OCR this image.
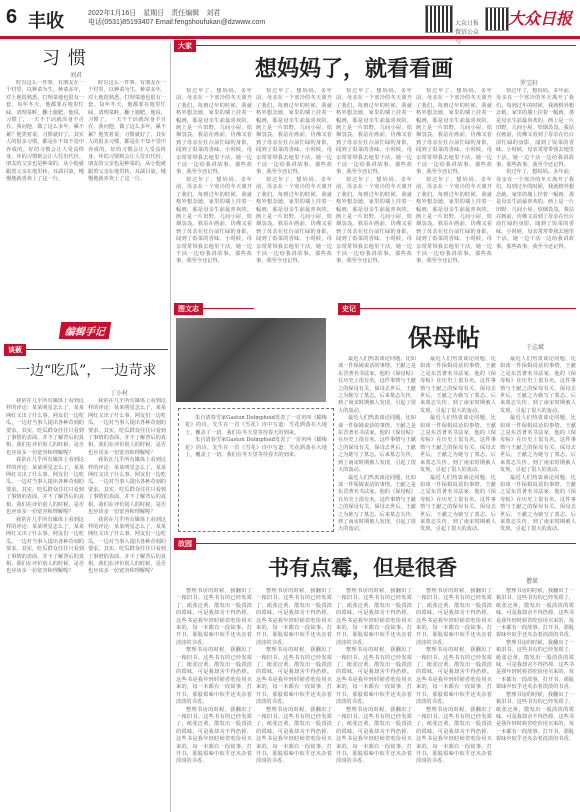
6 丰收	2022年1月16日　星期日　责任编辑　刘君
电话(0531)85193407 Email:fengshoufukan@dzwww.com	大众日报微信公众号
大众日报
习惯
刘君

时有这么一件事。有朋友在一个村里，以种菜为生。种菜多年，对土地很熟悉，打理菜地也很有一套。每年冬天，他都要在地里忙碌，清理菜畦，翻土施肥。他说，习惯了，一天不干活就浑身不自在。我问他，做了这么多年，累不累？他笑着说，习惯就好了。其实人的很多习惯，都是在不知不觉中养成的。好的习惯会让人受益终身，坏的习惯则会让人付出代价。朋友的父亲也是种菜的，从小他就跟着父亲在地里转，耳濡目染，慢慢地就喜欢上了这一行。

时有这么一件事。有朋友在一个村里，以种菜为生。种菜多年，对土地很熟悉，打理菜地也很有一套。每年冬天，他都要在地里忙碌，清理菜畦，翻土施肥。他说，习惯了，一天不干活就浑身不自在。我问他，做了这么多年，累不累？他笑着说，习惯就好了。其实人的很多习惯，都是在不知不觉中养成的。好的习惯会让人受益终身，坏的习惯则会让人付出代价。朋友的父亲也是种菜的，从小他就跟着父亲在地里转，耳濡目染，慢慢地就喜欢上了这一行。

编辑手记
谈薮
一边“吃瓜”，一边苛求
丁小村

我常在几乎所有媒体上看到这样的评论：某某明星怎么了，某某网红又出了什么事。网友们一边吃瓜，一边对当事人提出各种苛刻的要求。其实，吃瓜群众往往只看到了事情的表面，并不了解背后的真相。我们在评价别人的时候，是否也应该多一份宽容和理解呢？

我常在几乎所有媒体上看到这样的评论：某某明星怎么了，某某网红又出了什么事。网友们一边吃瓜，一边对当事人提出各种苛刻的要求。其实，吃瓜群众往往只看到了事情的表面，并不了解背后的真相。我们在评价别人的时候，是否也应该多一份宽容和理解呢？

我常在几乎所有媒体上看到这样的评论：某某明星怎么了，某某网红又出了什么事。网友们一边吃瓜，一边对当事人提出各种苛刻的要求。其实，吃瓜群众往往只看到了事情的表面，并不了解背后的真相。我们在评价别人的时候，是否也应该多一份宽容和理解呢？

我常在几乎所有媒体上看到这样的评论：某某明星怎么了，某某网红又出了什么事。网友们一边吃瓜，一边对当事人提出各种苛刻的要求。其实，吃瓜群众往往只看到了事情的表面，并不了解背后的真相。我们在评价别人的时候，是否也应该多一份宽容和理解呢？

我常在几乎所有媒体上看到这样的评论：某某明星怎么了，某某网红又出了什么事。网友们一边吃瓜，一边对当事人提出各种苛刻的要求。其实，吃瓜群众往往只看到了事情的表面，并不了解背后的真相。我们在评价别人的时候，是否也应该多一份宽容和理解呢？

我常在几乎所有媒体上看到这样的评论：某某明星怎么了，某某网红又出了什么事。网友们一边吃瓜，一边对当事人提出各种苛刻的要求。其实，吃瓜群众往往只看到了事情的表面，并不了解背后的真相。我们在评价别人的时候，是否也应该多一份宽容和理解呢？

大家
想妈妈了，就看看画
罗宝轩

快过年了，想妈妈。多年前，母亲在一个寒冷的冬天离开了我们。每到过年的时候，我就格外想念她。家里的墙上挂着一幅画，那是母亲生前最喜欢的。画上是一片田野，几间小屋，炊烟袅袅。我站在画前，仿佛又看到了母亲在灶台前忙碌的身影，闻到了饭菜的香味。小时候，母亲常常带我去地里干活，她一边干活一边给我讲故事。那些故事，我至今还记得。

快过年了，想妈妈。多年前，母亲在一个寒冷的冬天离开了我们。每到过年的时候，我就格外想念她。家里的墙上挂着一幅画，那是母亲生前最喜欢的。画上是一片田野，几间小屋，炊烟袅袅。我站在画前，仿佛又看到了母亲在灶台前忙碌的身影，闻到了饭菜的香味。小时候，母亲常常带我去地里干活，她一边干活一边给我讲故事。那些故事，我至今还记得。

快过年了，想妈妈。多年前，母亲在一个寒冷的冬天离开了我们。每到过年的时候，我就格外想念她。家里的墙上挂着一幅画，那是母亲生前最喜欢的。画上是一片田野，几间小屋，炊烟袅袅。我站在画前，仿佛又看到了母亲在灶台前忙碌的身影，闻到了饭菜的香味。小时候，母亲常常带我去地里干活，她一边干活一边给我讲故事。那些故事，我至今还记得。

快过年了，想妈妈。多年前，母亲在一个寒冷的冬天离开了我们。每到过年的时候，我就格外想念她。家里的墙上挂着一幅画，那是母亲生前最喜欢的。画上是一片田野，几间小屋，炊烟袅袅。我站在画前，仿佛又看到了母亲在灶台前忙碌的身影，闻到了饭菜的香味。小时候，母亲常常带我去地里干活，她一边干活一边给我讲故事。那些故事，我至今还记得。

快过年了，想妈妈。多年前，母亲在一个寒冷的冬天离开了我们。每到过年的时候，我就格外想念她。家里的墙上挂着一幅画，那是母亲生前最喜欢的。画上是一片田野，几间小屋，炊烟袅袅。我站在画前，仿佛又看到了母亲在灶台前忙碌的身影，闻到了饭菜的香味。小时候，母亲常常带我去地里干活，她一边干活一边给我讲故事。那些故事，我至今还记得。

快过年了，想妈妈。多年前，母亲在一个寒冷的冬天离开了我们。每到过年的时候，我就格外想念她。家里的墙上挂着一幅画，那是母亲生前最喜欢的。画上是一片田野，几间小屋，炊烟袅袅。我站在画前，仿佛又看到了母亲在灶台前忙碌的身影，闻到了饭菜的香味。小时候，母亲常常带我去地里干活，她一边干活一边给我讲故事。那些故事，我至今还记得。

快过年了，想妈妈。多年前，母亲在一个寒冷的冬天离开了我们。每到过年的时候，我就格外想念她。家里的墙上挂着一幅画，那是母亲生前最喜欢的。画上是一片田野，几间小屋，炊烟袅袅。我站在画前，仿佛又看到了母亲在灶台前忙碌的身影，闻到了饭菜的香味。小时候，母亲常常带我去地里干活，她一边干活一边给我讲故事。那些故事，我至今还记得。

快过年了，想妈妈。多年前，母亲在一个寒冷的冬天离开了我们。每到过年的时候，我就格外想念她。家里的墙上挂着一幅画，那是母亲生前最喜欢的。画上是一片田野，几间小屋，炊烟袅袅。我站在画前，仿佛又看到了母亲在灶台前忙碌的身影，闻到了饭菜的香味。小时候，母亲常常带我去地里干活，她一边干活一边给我讲故事。那些故事，我至今还记得。

快过年了，想妈妈。多年前，母亲在一个寒冷的冬天离开了我们。每到过年的时候，我就格外想念她。家里的墙上挂着一幅画，那是母亲生前最喜欢的。画上是一片田野，几间小屋，炊烟袅袅。我站在画前，仿佛又看到了母亲在灶台前忙碌的身影，闻到了饭菜的香味。小时候，母亲常常带我去地里干活，她一边干活一边给我讲故事。那些故事，我至今还记得。

快过年了，想妈妈。多年前，母亲在一个寒冷的冬天离开了我们。每到过年的时候，我就格外想念她。家里的墙上挂着一幅画，那是母亲生前最喜欢的。画上是一片田野，几间小屋，炊烟袅袅。我站在画前，仿佛又看到了母亲在灶台前忙碌的身影，闻到了饭菜的香味。小时候，母亲常常带我去地里干活，她一边干活一边给我讲故事。那些故事，我至今还记得。

图文志

朱自清春雪家Gaston Dolmphoid发表了一首名叫《蜡梅花》的诗。先生在一首《雪花》诗中写道：雪花洒落在大地上，覆盖了一切。我们在冬天里等待春天的到来。

朱自清春雪家Gaston Dolmphoid发表了一首名叫《蜡梅花》的诗。先生在一首《雪花》诗中写道：雪花洒落在大地上，覆盖了一切。我们在冬天里等待春天的到来。

史记
保母帖	于志斌

最近人们热衷谈论同题，比如谈一件保姆说话的事情。王献之是东晋著名书法家，他的《保母帖》在历史上很有名。这件事情与王献之的保母有关，保母去世后，王献之为她写了墓志。后来墓志失传，到了南宋时期被人发现，引起了很大的轰动。

最近人们热衷谈论同题，比如谈一件保姆说话的事情。王献之是东晋著名书法家，他的《保母帖》在历史上很有名。这件事情与王献之的保母有关，保母去世后，王献之为她写了墓志。后来墓志失传，到了南宋时期被人发现，引起了很大的轰动。

最近人们热衷谈论同题，比如谈一件保姆说话的事情。王献之是东晋著名书法家，他的《保母帖》在历史上很有名。这件事情与王献之的保母有关，保母去世后，王献之为她写了墓志。后来墓志失传，到了南宋时期被人发现，引起了很大的轰动。

最近人们热衷谈论同题，比如谈一件保姆说话的事情。王献之是东晋著名书法家，他的《保母帖》在历史上很有名。这件事情与王献之的保母有关，保母去世后，王献之为她写了墓志。后来墓志失传，到了南宋时期被人发现，引起了很大的轰动。

最近人们热衷谈论同题，比如谈一件保姆说话的事情。王献之是东晋著名书法家，他的《保母帖》在历史上很有名。这件事情与王献之的保母有关，保母去世后，王献之为她写了墓志。后来墓志失传，到了南宋时期被人发现，引起了很大的轰动。

最近人们热衷谈论同题，比如谈一件保姆说话的事情。王献之是东晋著名书法家，他的《保母帖》在历史上很有名。这件事情与王献之的保母有关，保母去世后，王献之为她写了墓志。后来墓志失传，到了南宋时期被人发现，引起了很大的轰动。

最近人们热衷谈论同题，比如谈一件保姆说话的事情。王献之是东晋著名书法家，他的《保母帖》在历史上很有名。这件事情与王献之的保母有关，保母去世后，王献之为她写了墓志。后来墓志失传，到了南宋时期被人发现，引起了很大的轰动。

最近人们热衷谈论同题，比如谈一件保姆说话的事情。王献之是东晋著名书法家，他的《保母帖》在历史上很有名。这件事情与王献之的保母有关，保母去世后，王献之为她写了墓志。后来墓志失传，到了南宋时期被人发现，引起了很大的轰动。

最近人们热衷谈论同题，比如谈一件保姆说话的事情。王献之是东晋著名书法家，他的《保母帖》在历史上很有名。这件事情与王献之的保母有关，保母去世后，王献之为她写了墓志。后来墓志失传，到了南宋时期被人发现，引起了很大的轰动。

故园
书有点霉，但是很香
僧果

整理书房的时候，我翻出了一箱旧书。这些书有的已经发霉了，纸张泛黄，散发出一股淡淡的霉味。可是我却舍不得扔掉。这些书是我年轻时候省吃俭用买来的，每一本都有一段故事。打开书，那股霉味中似乎还夹杂着淡淡的书香。

整理书房的时候，我翻出了一箱旧书。这些书有的已经发霉了，纸张泛黄，散发出一股淡淡的霉味。可是我却舍不得扔掉。这些书是我年轻时候省吃俭用买来的，每一本都有一段故事。打开书，那股霉味中似乎还夹杂着淡淡的书香。

整理书房的时候，我翻出了一箱旧书。这些书有的已经发霉了，纸张泛黄，散发出一股淡淡的霉味。可是我却舍不得扔掉。这些书是我年轻时候省吃俭用买来的，每一本都有一段故事。打开书，那股霉味中似乎还夹杂着淡淡的书香。

整理书房的时候，我翻出了一箱旧书。这些书有的已经发霉了，纸张泛黄，散发出一股淡淡的霉味。可是我却舍不得扔掉。这些书是我年轻时候省吃俭用买来的，每一本都有一段故事。打开书，那股霉味中似乎还夹杂着淡淡的书香。

整理书房的时候，我翻出了一箱旧书。这些书有的已经发霉了，纸张泛黄，散发出一股淡淡的霉味。可是我却舍不得扔掉。这些书是我年轻时候省吃俭用买来的，每一本都有一段故事。打开书，那股霉味中似乎还夹杂着淡淡的书香。

整理书房的时候，我翻出了一箱旧书。这些书有的已经发霉了，纸张泛黄，散发出一股淡淡的霉味。可是我却舍不得扔掉。这些书是我年轻时候省吃俭用买来的，每一本都有一段故事。打开书，那股霉味中似乎还夹杂着淡淡的书香。

整理书房的时候，我翻出了一箱旧书。这些书有的已经发霉了，纸张泛黄，散发出一股淡淡的霉味。可是我却舍不得扔掉。这些书是我年轻时候省吃俭用买来的，每一本都有一段故事。打开书，那股霉味中似乎还夹杂着淡淡的书香。

整理书房的时候，我翻出了一箱旧书。这些书有的已经发霉了，纸张泛黄，散发出一股淡淡的霉味。可是我却舍不得扔掉。这些书是我年轻时候省吃俭用买来的，每一本都有一段故事。打开书，那股霉味中似乎还夹杂着淡淡的书香。

整理书房的时候，我翻出了一箱旧书。这些书有的已经发霉了，纸张泛黄，散发出一股淡淡的霉味。可是我却舍不得扔掉。这些书是我年轻时候省吃俭用买来的，每一本都有一段故事。打开书，那股霉味中似乎还夹杂着淡淡的书香。

整理书房的时候，我翻出了一箱旧书。这些书有的已经发霉了，纸张泛黄，散发出一股淡淡的霉味。可是我却舍不得扔掉。这些书是我年轻时候省吃俭用买来的，每一本都有一段故事。打开书，那股霉味中似乎还夹杂着淡淡的书香。

整理书房的时候，我翻出了一箱旧书。这些书有的已经发霉了，纸张泛黄，散发出一股淡淡的霉味。可是我却舍不得扔掉。这些书是我年轻时候省吃俭用买来的，每一本都有一段故事。打开书，那股霉味中似乎还夹杂着淡淡的书香。

整理书房的时候，我翻出了一箱旧书。这些书有的已经发霉了，纸张泛黄，散发出一股淡淡的霉味。可是我却舍不得扔掉。这些书是我年轻时候省吃俭用买来的，每一本都有一段故事。打开书，那股霉味中似乎还夹杂着淡淡的书香。

整理书房的时候，我翻出了一箱旧书。这些书有的已经发霉了，纸张泛黄，散发出一股淡淡的霉味。可是我却舍不得扔掉。这些书是我年轻时候省吃俭用买来的，每一本都有一段故事。打开书，那股霉味中似乎还夹杂着淡淡的书香。

整理书房的时候，我翻出了一箱旧书。这些书有的已经发霉了，纸张泛黄，散发出一股淡淡的霉味。可是我却舍不得扔掉。这些书是我年轻时候省吃俭用买来的，每一本都有一段故事。打开书，那股霉味中似乎还夹杂着淡淡的书香。

整理书房的时候，我翻出了一箱旧书。这些书有的已经发霉了，纸张泛黄，散发出一股淡淡的霉味。可是我却舍不得扔掉。这些书是我年轻时候省吃俭用买来的，每一本都有一段故事。打开书，那股霉味中似乎还夹杂着淡淡的书香。
